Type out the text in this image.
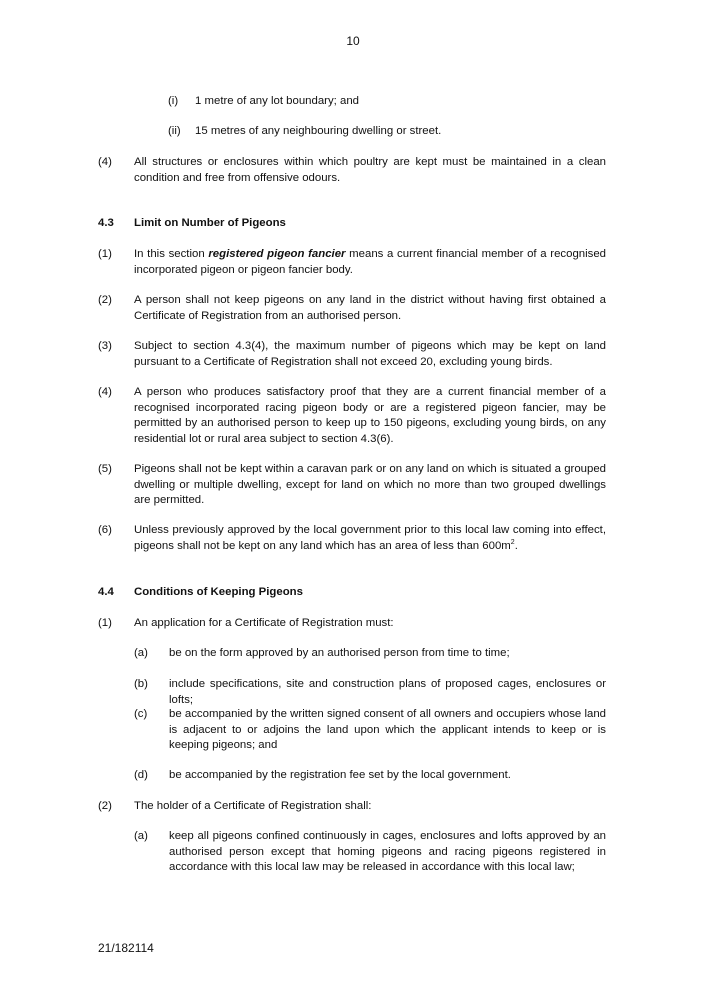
10
(i) 1 metre of any lot boundary; and
(ii) 15 metres of any neighbouring dwelling or street.
(4) All structures or enclosures within which poultry are kept must be maintained in a clean condition and free from offensive odours.
4.3 Limit on Number of Pigeons
(1) In this section registered pigeon fancier means a current financial member of a recognised incorporated pigeon or pigeon fancier body.
(2) A person shall not keep pigeons on any land in the district without having first obtained a Certificate of Registration from an authorised person.
(3) Subject to section 4.3(4), the maximum number of pigeons which may be kept on land pursuant to a Certificate of Registration shall not exceed 20, excluding young birds.
(4) A person who produces satisfactory proof that they are a current financial member of a recognised incorporated racing pigeon body or are a registered pigeon fancier, may be permitted by an authorised person to keep up to 150 pigeons, excluding young birds, on any residential lot or rural area subject to section 4.3(6).
(5) Pigeons shall not be kept within a caravan park or on any land on which is situated a grouped dwelling or multiple dwelling, except for land on which no more than two grouped dwellings are permitted.
(6) Unless previously approved by the local government prior to this local law coming into effect, pigeons shall not be kept on any land which has an area of less than $600m^2$.
4.4 Conditions of Keeping Pigeons
(1) An application for a Certificate of Registration must:
(a) be on the form approved by an authorised person from time to time;
(b) include specifications, site and construction plans of proposed cages, enclosures or lofts;
(c) be accompanied by the written signed consent of all owners and occupiers whose land is adjacent to or adjoins the land upon which the applicant intends to keep or is keeping pigeons; and
(d) be accompanied by the registration fee set by the local government.
(2) The holder of a Certificate of Registration shall:
(a) keep all pigeons confined continuously in cages, enclosures and lofts approved by an authorised person except that homing pigeons and racing pigeons registered in accordance with this local law may be released in accordance with this local law;
21/182114
